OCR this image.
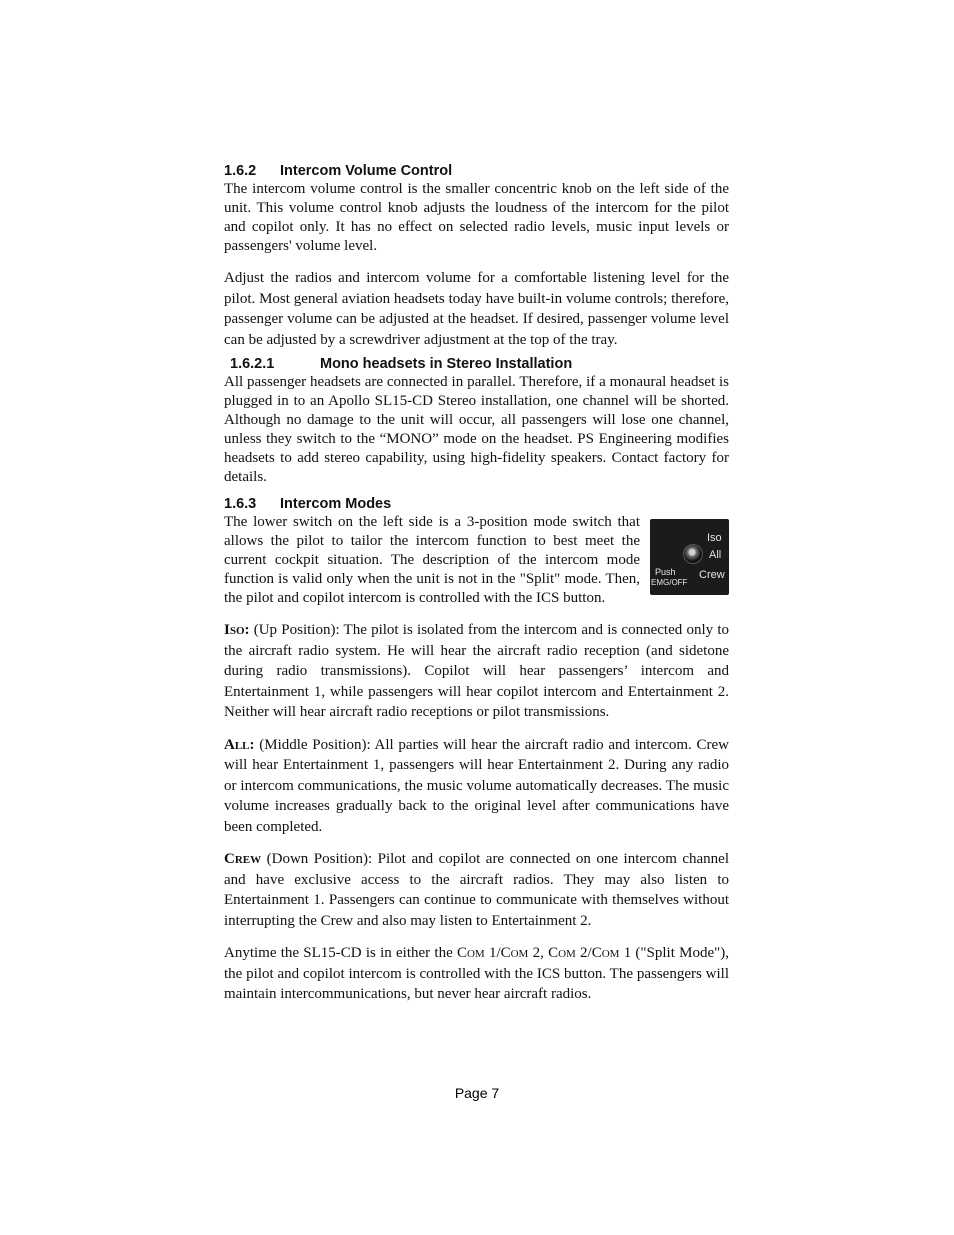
1.6.2 Intercom Volume Control

The intercom volume control is the smaller concentric knob on the left side of the unit. This volume control knob adjusts the loudness of the intercom for the pilot and copilot only. It has no effect on selected radio levels, music input levels or passengers' volume level.

Adjust the radios and intercom volume for a comfortable listening level for the pilot. Most general aviation headsets today have built-in volume controls; therefore, passenger volume can be adjusted at the headset. If desired, passenger volume level can be adjusted by a screwdriver adjustment at the top of the tray.

1.6.2.1	Mono headsets in Stereo Installation

All passenger headsets are connected in parallel. Therefore, if a monaural headset is plugged in to an Apollo SL15-CD Stereo installation, one channel will be shorted. Although no damage to the unit will occur, all passengers will lose one channel, unless they switch to the “MONO” mode on the headset. PS Engineering modifies headsets to add stereo capability, using high-fidelity speakers. Contact factory for details.

1.6.3 Intercom Modes

The lower switch on the left side is a 3-position mode switch that allows the pilot to tailor the intercom function to best meet the current cockpit situation. The description of the intercom mode function is valid only when the unit is not in the "Split" mode. Then, the pilot and copilot intercom is controlled with the ICS button.

Iso
All
Crew
Push
EMG/OFF

Iso: (Up Position): The pilot is isolated from the intercom and is connected only to the aircraft radio system. He will hear the aircraft radio reception (and sidetone during radio transmissions). Copilot will hear passengers’ intercom and Entertainment 1, while passengers will hear copilot intercom and Entertainment 2. Neither will hear aircraft radio receptions or pilot transmissions.

All: (Middle Position): All parties will hear the aircraft radio and intercom. Crew will hear Entertainment 1, passengers will hear Entertainment 2. During any radio or intercom communications, the music volume automatically decreases. The music volume increases gradually back to the original level after communications have been completed.

Crew (Down Position): Pilot and copilot are connected on one intercom channel and have exclusive access to the aircraft radios. They may also listen to Entertainment 1. Passengers can continue to communicate with themselves without interrupting the Crew and also may listen to Entertainment 2.

Anytime the SL15-CD is in either the Com 1/Com 2, Com 2/Com 1 ("Split Mode"), the pilot and copilot intercom is controlled with the ICS button. The passengers will maintain intercommunications, but never hear aircraft radios.

Page 7
